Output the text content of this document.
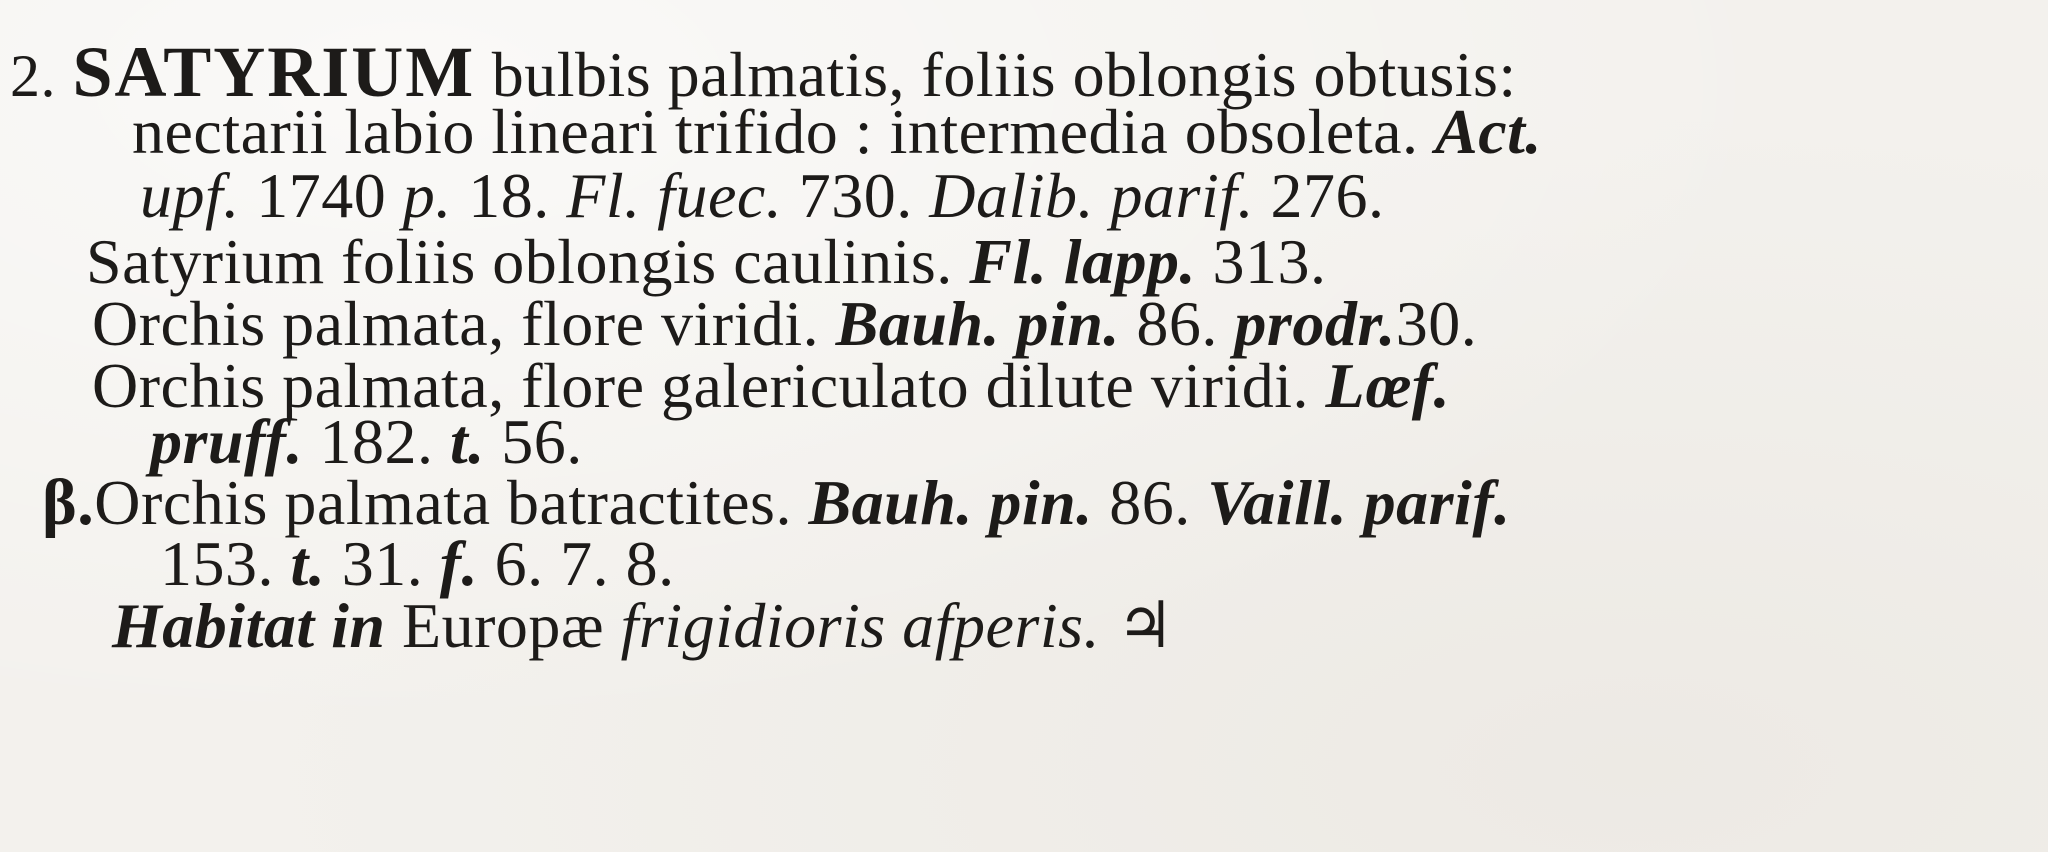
2. SATYRIUM bulbis palmatis, foliis oblongis obtusis:
nectarii labio lineari trifido : intermedia obsoleta. Act.
upf. 1740 p. 18. Fl. fuec. 730. Dalib. parif. 276.
Satyrium foliis oblongis caulinis. Fl. lapp. 313.
Orchis palmata, flore viridi. Bauh. pin. 86. prodr.30.
Orchis palmata, flore galericulato dilute viridi. Lœf.
pruff. 182. t. 56.
β.Orchis palmata batractites. Bauh. pin. 86. Vaill. parif.
153. t. 31. f. 6. 7. 8.
Habitat in Europæ frigidioris afperis. ♃
